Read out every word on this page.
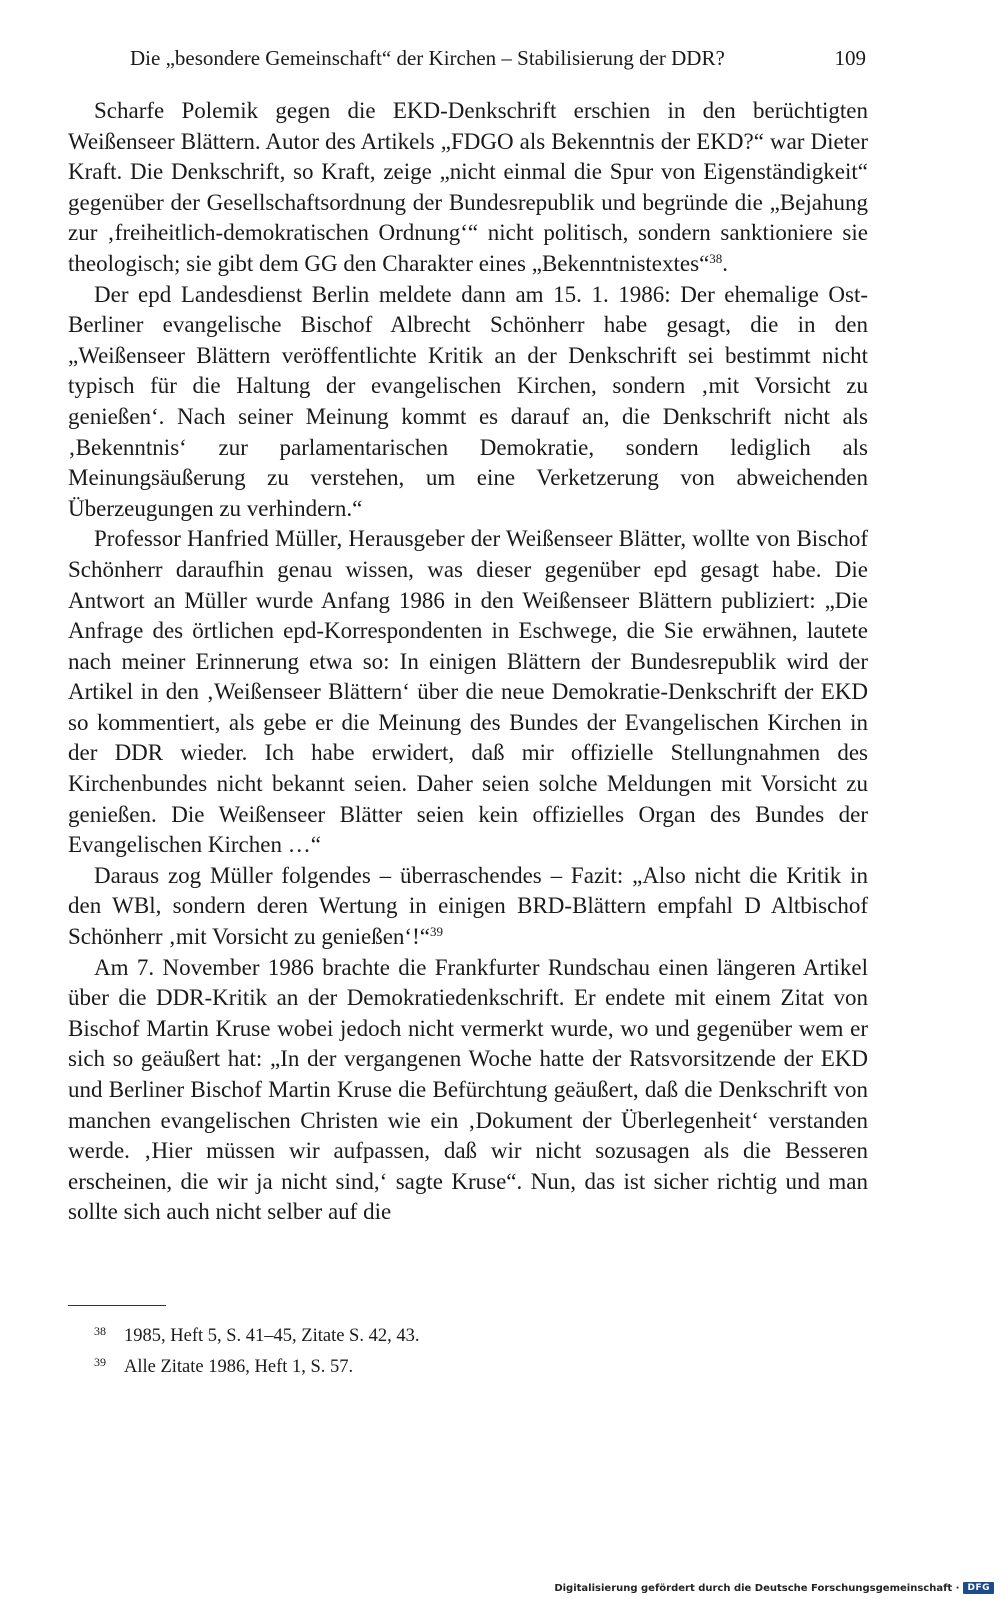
Die „besondere Gemeinschaft“ der Kirchen – Stabilisierung der DDR?	109

Scharfe Polemik gegen die EKD-Denkschrift erschien in den berüchtigten Weißenseer Blättern. Autor des Artikels „FDGO als Bekenntnis der EKD?“ war Dieter Kraft. Die Denkschrift, so Kraft, zeige „nicht einmal die Spur von Eigenständigkeit“ gegenüber der Gesellschaftsordnung der Bundesrepublik und begründe die „Bejahung zur ‚freiheitlich-demokratischen Ordnung‘“ nicht politisch, sondern sanktioniere sie theologisch; sie gibt dem GG den Charakter eines „Bekenntnistextes“$^{38}$.

Der epd Landesdienst Berlin meldete dann am 15. 1. 1986: Der ehemalige Ost-Berliner evangelische Bischof Albrecht Schönherr habe gesagt, die in den „Weißenseer Blättern veröffentlichte Kritik an der Denkschrift sei bestimmt nicht typisch für die Haltung der evangelischen Kirchen, sondern ‚mit Vorsicht zu genießen‘. Nach seiner Meinung kommt es darauf an, die Denkschrift nicht als ‚Bekenntnis‘ zur parlamentarischen Demokratie, sondern lediglich als Meinungsäußerung zu verstehen, um eine Verketzerung von abweichenden Überzeugungen zu verhindern.“

Professor Hanfried Müller, Herausgeber der Weißenseer Blätter, wollte von Bischof Schönherr daraufhin genau wissen, was dieser gegenüber epd gesagt habe. Die Antwort an Müller wurde Anfang 1986 in den Weißenseer Blättern publiziert: „Die Anfrage des örtlichen epd-Korrespondenten in Eschwege, die Sie erwähnen, lautete nach meiner Erinnerung etwa so: In einigen Blättern der Bundesrepublik wird der Artikel in den ‚Weißenseer Blättern‘ über die neue Demokratie-Denkschrift der EKD so kommentiert, als gebe er die Meinung des Bundes der Evangelischen Kirchen in der DDR wieder. Ich habe erwidert, daß mir offizielle Stellungnahmen des Kirchenbundes nicht bekannt seien. Daher seien solche Meldungen mit Vorsicht zu genießen. Die Weißenseer Blätter seien kein offizielles Organ des Bundes der Evangelischen Kirchen …“

Daraus zog Müller folgendes – überraschendes – Fazit: „Also nicht die Kritik in den WBl, sondern deren Wertung in einigen BRD-Blättern empfahl D Altbischof Schönherr ‚mit Vorsicht zu genießen‘!“$^{39}$

Am 7. November 1986 brachte die Frankfurter Rundschau einen längeren Artikel über die DDR-Kritik an der Demokratiedenkschrift. Er endete mit einem Zitat von Bischof Martin Kruse wobei jedoch nicht vermerkt wurde, wo und gegenüber wem er sich so geäußert hat: „In der vergangenen Woche hatte der Ratsvorsitzende der EKD und Berliner Bischof Martin Kruse die Befürchtung geäußert, daß die Denkschrift von manchen evangelischen Christen wie ein ‚Dokument der Überlegenheit‘ verstanden werde. ‚Hier müssen wir aufpassen, daß wir nicht sozusagen als die Besseren erscheinen, die wir ja nicht sind,‘ sagte Kruse“. Nun, das ist sicher richtig und man sollte sich auch nicht selber auf die

38 1985, Heft 5, S. 41–45, Zitate S. 42, 43.

39 Alle Zitate 1986, Heft 1, S. 57.

Digitalisierung gefördert durch die Deutsche Forschungsgemeinschaft · DFG
